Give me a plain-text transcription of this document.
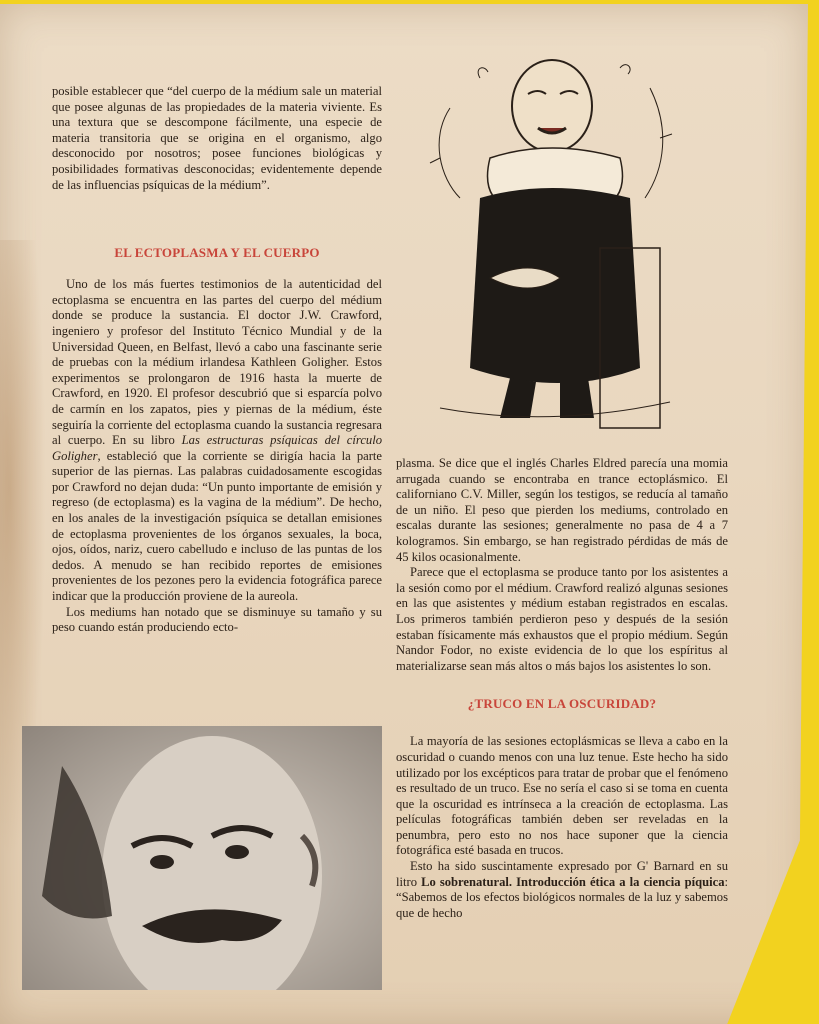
posible establecer que “del cuerpo de la médium sale un material que posee algunas de las propiedades de la materia viviente. Es una textura que se descompone fácilmente, una especie de materia transitoria que se origina en el organismo, algo desconocido por nosotros; posee funciones biológicas y posibilidades formativas desconocidas; evidentemente depende de las influencias psíquicas de la médium”.

EL ECTOPLASMA Y EL CUERPO

Uno de los más fuertes testimonios de la autenticidad del ectoplasma se encuentra en las partes del cuerpo del médium donde se produce la sustancia. El doctor J.W. Crawford, ingeniero y profesor del Instituto Técnico Mundial y de la Universidad Queen, en Belfast, llevó a cabo una fascinante serie de pruebas con la médium irlandesa Kathleen Goligher. Estos experimentos se prolongaron de 1916 hasta la muerte de Crawford, en 1920. El profesor descubrió que si esparcía polvo de carmín en los zapatos, pies y piernas de la médium, éste seguiría la corriente del ectoplasma cuando la sustancia regresara al cuerpo. En su libro Las estructuras psíquicas del círculo Goligher, estableció que la corriente se dirigía hacia la parte superior de las piernas. Las palabras cuidadosamente escogidas por Crawford no dejan duda: “Un punto importante de emisión y regreso (de ectoplasma) es la vagina de la médium”. De hecho, en los anales de la investigación psíquica se detallan emisiones de ectoplasma provenientes de los órganos sexuales, la boca, ojos, oídos, nariz, cuero cabelludo e incluso de las puntas de los dedos. A menudo se han recibido reportes de emisiones provenientes de los pezones pero la evidencia fotográfica parece indicar que la producción proviene de la aureola.

Los mediums han notado que se disminuye su tamaño y su peso cuando están produciendo ecto-

plasma. Se dice que el inglés Charles Eldred parecía una momia arrugada cuando se encontraba en trance ectoplásmico. El californiano C.V. Miller, según los testigos, se reducía al tamaño de un niño. El peso que pierden los mediums, controlado en escalas durante las sesiones; generalmente no pasa de 4 a 7 kologramos. Sin embargo, se han registrado pérdidas de más de 45 kilos ocasionalmente.

Parece que el ectoplasma se produce tanto por los asistentes a la sesión como por el médium. Crawford realizó algunas sesiones en las que asistentes y médium estaban registrados en escalas. Los primeros también perdieron peso y después de la sesión estaban físicamente más exhaustos que el propio médium. Según Nandor Fodor, no existe evidencia de lo que los espíritus al materializarse sean más altos o más bajos los asistentes lo son.

¿TRUCO EN LA OSCURIDAD?

La mayoría de las sesiones ectoplásmicas se lleva a cabo en la oscuridad o cuando menos con una luz tenue. Este hecho ha sido utilizado por los excépticos para tratar de probar que el fenómeno es resultado de un truco. Ese no sería el caso si se toma en cuenta que la oscuridad es intrínseca a la creación de ectoplasma. Las películas fotográficas también deben ser reveladas en la penumbra, pero esto no nos hace suponer que la ciencia fotográfica esté basada en trucos.

Esto ha sido suscintamente expresado por G' Barnard en su litro Lo sobrenatural. Introducción ética a la ciencia píquica: “Sabemos de los efectos biológicos normales de la luz y sabemos que de hecho
